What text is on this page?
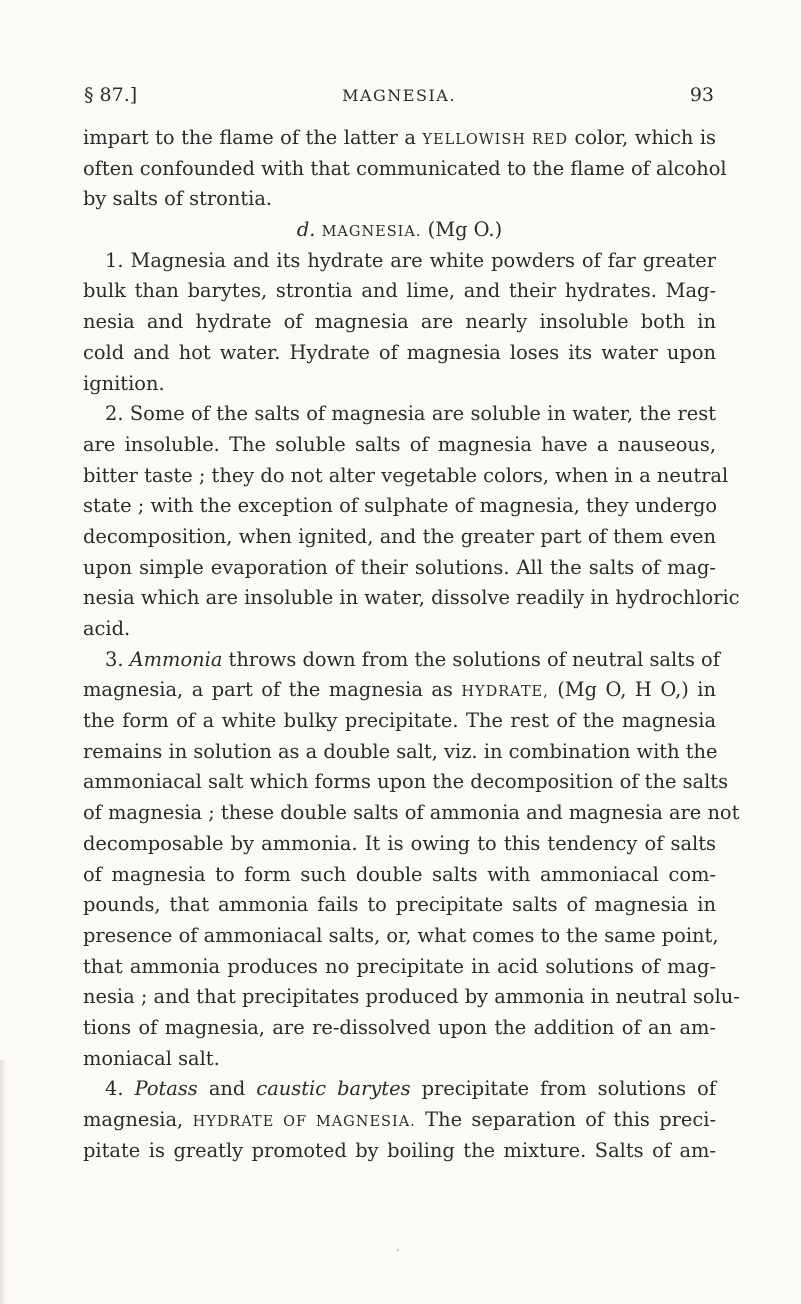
§ 87.]	MAGNESIA.	93
impart to the flame of the latter a YELLOWISH RED color, which is
often confounded with that communicated to the flame of alcohol
by salts of strontia.
d. MAGNESIA. (Mg O.)
1. Magnesia and its hydrate are white powders of far greater
bulk than barytes, strontia and lime, and their hydrates. Mag-
nesia and hydrate of magnesia are nearly insoluble both in
cold and hot water. Hydrate of magnesia loses its water upon
ignition.
2. Some of the salts of magnesia are soluble in water, the rest
are insoluble. The soluble salts of magnesia have a nauseous,
bitter taste ; they do not alter vegetable colors, when in a neutral
state ; with the exception of sulphate of magnesia, they undergo
decomposition, when ignited, and the greater part of them even
upon simple evaporation of their solutions. All the salts of mag-
nesia which are insoluble in water, dissolve readily in hydrochloric
acid.
3. Ammonia throws down from the solutions of neutral salts of
magnesia, a part of the magnesia as HYDRATE, (Mg O, H O,) in
the form of a white bulky precipitate. The rest of the magnesia
remains in solution as a double salt, viz. in combination with the
ammoniacal salt which forms upon the decomposition of the salts
of magnesia ; these double salts of ammonia and magnesia are not
decomposable by ammonia. It is owing to this tendency of salts
of magnesia to form such double salts with ammoniacal com-
pounds, that ammonia fails to precipitate salts of magnesia in
presence of ammoniacal salts, or, what comes to the same point,
that ammonia produces no precipitate in acid solutions of mag-
nesia ; and that precipitates produced by ammonia in neutral solu-
tions of magnesia, are re-dissolved upon the addition of an am-
moniacal salt.
4. Potass and caustic barytes precipitate from solutions of
magnesia, HYDRATE OF MAGNESIA. The separation of this preci-
pitate is greatly promoted by boiling the mixture. Salts of am-
·
